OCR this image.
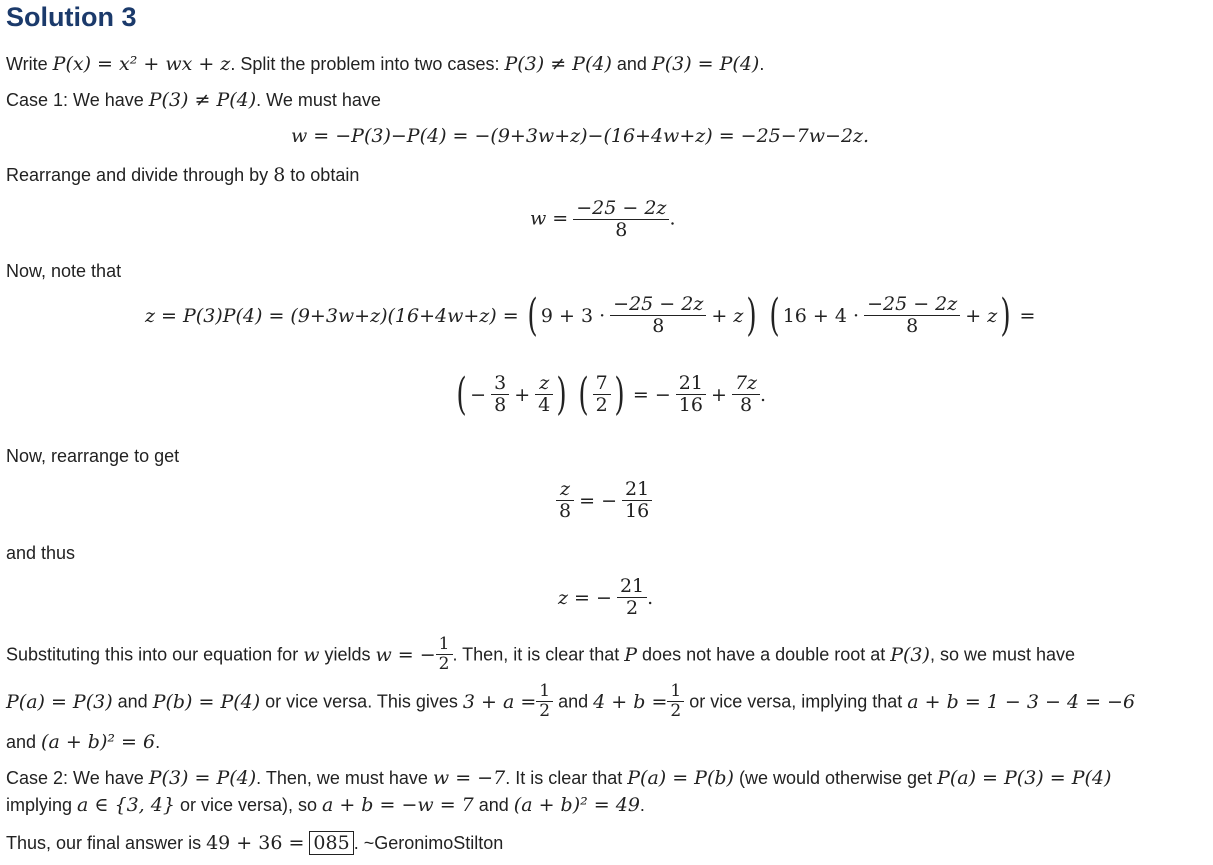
Solution 3
Write P(x) = x² + wx + z. Split the problem into two cases: P(3) ≠ P(4) and P(3) = P(4).
Case 1: We have P(3) ≠ P(4). We must have
w = −P(3)−P(4) = −(9+3w+z)−(16+4w+z) = −25−7w−2z.
Rearrange and divide through by 8 to obtain
$w = \frac{-25 - 2z}{8}$ .
Now, note that
z = P(3)P(4) = (9+3w+z)(16+4w+z) = ( $9 + 3 \cdot \frac{-25 - 2z}{8} + z$) ( $16 + 4 \cdot \frac{-25 - 2z}{8} + z$) =
( − $\frac{3}{8} + \frac{z}{4}$ ) ( $\frac{7}{2}$ ) = − $\frac{21}{16} + \frac{7z}{8}$ .
Now, rearrange to get
$\frac{z}{8}$ = − $\frac{21}{16}$
and thus
z = − $\frac{21}{2}$ .
Substituting this into our equation for w yields w = − $\frac{1}{2}$ . Then, it is clear that P does not have a double root at P(3), so we must have
P(a) = P(3) and P(b) = P(4) or vice versa. This gives $3 + a = \frac{1}{2}$ and $4 + b = \frac{1}{2}$ or vice versa, implying that a + b = 1 − 3 − 4 = −6
and (a + b)² = 6.
Case 2: We have P(3) = P(4). Then, we must have w = −7. It is clear that P(a) = P(b) (we would otherwise get P(a) = P(3) = P(4)
implying a ∈ {3, 4} or vice versa), so a + b = −w = 7 and (a + b)² = 49.
Thus, our final answer is 49 + 36 = 085 . ~GeronimoStilton
